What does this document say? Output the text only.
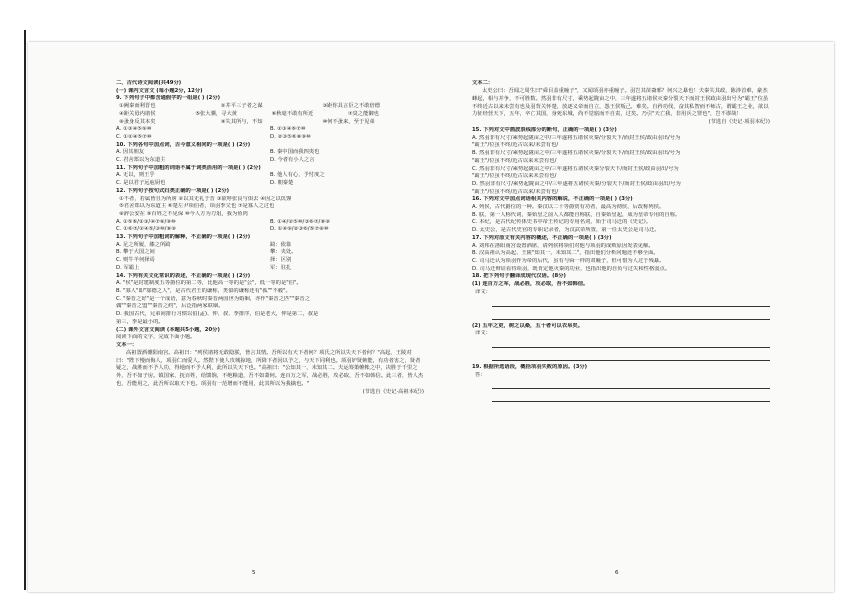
二、古代诗文阅读(共49分)
(一) 课内文言文 (每小题2分, 12分)
9. 下列句子中都含通假字的一组是( ) (2分)
①阙秦而利晋也	②井平三子者之谋	③距你具言臣之不敢倍德
④距关毋内诸侯	⑤张大骥，寻大黄	⑥秋毫不敢有所近	⑦臭之能御也
⑧蚤身反其本矣	⑨失其所与，不知	⑩何不蚤来，至于见弟
A. ①③④⑤⑨⑩	B. ②③④⑥⑦⑩
C. ①②④⑤⑦⑩	D. ②③⑤⑥⑧⑨⑩
10. 下列各句中加点词，古今意义相同的一项是( ) (2分)
A. 因其朋友	B. 秦中国而我四夷也
C. 君舍郑以为东道主	D. 今者有小人之言
11. 下列句子中加粗的词语不属于词类活用的一项是( ) (2分)
A. 无以，则王乎	B. 他人有心，予忖度之
C. 是以君子远庖厨也	D. 朝秦楚
12. 下列句子按句式归类正确的一项是( ) (2分)
①不者，若属皆且为所虏 ②以其无礼于晋 ③欲呼张良与俱去 ④因之以饥馑
⑤君舍郑以为东道主 ⑥楚左尹项伯者，项羽季父也 ⑦是寡人之过也
⑧辞公安在 ⑨百姓之不见保 ⑩今人方为刀俎，我为鱼肉
A. ①⑤⑥/②③/④⑦⑧/⑨⑩	B. ①④/②⑤⑩/③⑥⑦/⑧⑨
C. ①⑥⑦/②④⑤/③⑩/⑧⑨	D. ①④⑨/②③⑥/⑤⑦⑧⑩
13. 下列句子中加粗词的解释，不正确的一项是( ) (2分)
A. 足之所履，膝之所踦	踦：依靠
B. 攀于大国之间	攀：夹处。
C. 则牛羊何择焉	择：区别
D. 军霸上	军：驻扎
14. 下列有关文化常识的表述，不正确的一项是( ) (2分)
A. "侯"是封建制度五等爵位的第二等，比他高一等的是"公"，低一等的是"伯"。
B. "寡人"即"寡德之人"，是古代君王的谦称，类似的谦称还有"孤""不穀"。
C. "秦晋之好"是一个成语，意为春秋时秦晋两国世为婚姻，亦作"秦晋之匹""秦晋之
偶""秦晋之盟""秦晋之约"，后泛指两家联姻。
D. 我国古代，兄弟间排行习惯以伯(孟)、仲、叔、季排序，伯是老大，仲是第二，叔是
第三，季是最小的。
(二) 课外文言文阅读 (本题共5小题，20分)
阅读下面的文字，完成下面小题。
文本一：
高祖置酒雒阳南宫。高祖曰："列侯诸将无敢隐朕，皆言其情。吾所以有天下者何？项氏之所以失天下者何？"高起、王陵对曰："陛下慢而侮人，项羽仁而爱人。然陛下使人攻城掠地，所降下者因以予之，与天下同利也。项羽妒贤嫉能，有功者害之，贤者疑之，战胜而不予人功，得地而不予人利，此所以失天下也。"高祖曰："公知其一，未知其二。夫运筹策帷帐之中，决胜于千里之外，吾不如子房。镇国家，抚百姓，给馈饷，不绝粮道，吾不如萧何。连百万之军，战必胜，攻必取，吾不如韩信。此三者，皆人杰也，吾能用之，此吾所以取天下也。项羽有一范增而不能用，此其所以为我擒也。"
(节选自《史记·高祖本纪》)
5
文本二：
太史公曰：吾闻之周生曰"舜目盖重瞳子"，又闻项羽亦重瞳子。羽岂其苗裔邪？何兴之暴也！夫秦失其政，陈涉首难，豪杰蜂起，相与并争，不可胜数。然羽非有尺寸，乘势起陇亩之中，三年遂将五诸侯灭秦分裂天下而封王侯政由羽出号为"霸王"位虽不终近古以来未尝有也及羽背关怀楚，放逐义帝而自立，怨王侯叛己，难矣。自矜功伐，奋其私智而不师古，谓霸王之业，欲以力征经营天下，五年，卒亡其国，身死东城，尚不觉寤而不自责，过矣。乃引"天亡我，非用兵之罪也"，岂不谬哉！
(节选自《史记·项羽本纪》)
15. 下列对文中画波浪线部分的断句，正确的一项是( ) (3分)
A. 然羽非有尺寸/乘势起陇亩之中/三年遂将五诸侯灭秦/分裂天下/而封王侯/政由羽出/号为
"霸王"/位虽不终/近古以来/未尝有也/
B. 然羽非有尺寸/乘势起陇亩之中/三年遂将五诸侯灭秦/分裂天下/而封王侯/政由羽出/号为
"霸王"/位虽不终/近古以来未尝有也/
C. 然羽非有尺寸/乘势起陇亩之中/三年遂将五诸侯灭秦分裂天下/而封王侯/政由羽出/号为
"霸王"/位虽不终/近古以来未尝有也/
D. 然羽非有尺寸/乘势起陇亩之中/三年遂将五诸侯灭秦/分裂天下/而封王侯/政由羽出/号为
"霸王"/位虽不终/近古以来/未尝有也/
16. 下列对文中加点词语相关内容的解说，不正确的一项是( ) (3分)
A. 列侯，古代爵位的一种。秦汉以二十等爵赏有功者，最高为彻侯，后改称列侯。
B. 朕，第一人称代词，秦始皇之前人人都能自称朕，自秦始皇起，成为皇帝专用的自称。
C. 本纪，是古代纪传体史书中帝王传记的专用名词，始于司马迁的《史记》。
D. 太史公，是古代史官的专职记录者，为汉武帝所置，第一任太史公是司马迁。
17. 下列对原文有关内容的概述，不正确的一项是( ) (3分)
A. 刘邦在洛阳南宫设置酒席，请列侯将领们对他与项羽的成败原因发表见解。
B. 汉高祖认为高起、王陵"知其一，未知其二"，指出他们分析问题还不够全面。
C. 司马迁认为项羽作为帝的后代，虽有与舜一样的双瞳子，但可惜为人过于残暴。
D. 司马迁辩证看待项羽，既肯定他灭秦的功业，也指出他的自负与过失和性格弱点。
18. 把下列句子翻译成现代汉语。(8分)
(1) 连百万之军，战必胜，攻必取，吾不如韩信。
译文：
(2) 五年之吏，树之以桑，五十者可以衣帛矣。
译文：
19. 根据所选语段，概括项羽失败的原因。(3分)
答：
6
